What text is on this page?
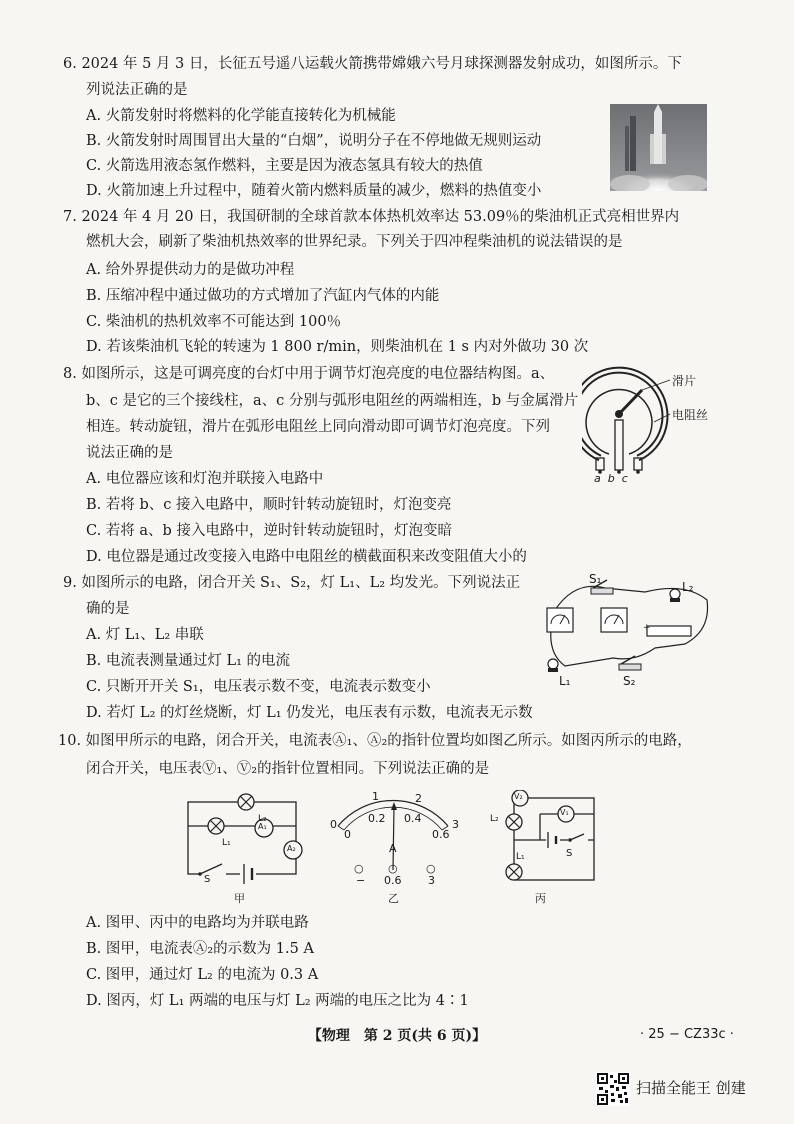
6. 2024 年 5 月 3 日，长征五号遥八运载火箭携带嫦娥六号月球探测器发射成功，如图所示。下
列说法正确的是
A. 火箭发射时将燃料的化学能直接转化为机械能
B. 火箭发射时周围冒出大量的“白烟”，说明分子在不停地做无规则运动
C. 火箭选用液态氢作燃料，主要是因为液态氢具有较大的热值
D. 火箭加速上升过程中，随着火箭内燃料质量的减少，燃料的热值变小
7. 2024 年 4 月 20 日，我国研制的全球首款本体热机效率达 53.09％的柴油机正式亮相世界内
燃机大会，刷新了柴油机热效率的世界纪录。下列关于四冲程柴油机的说法错误的是
A. 给外界提供动力的是做功冲程
B. 压缩冲程中通过做功的方式增加了汽缸内气体的内能
C. 柴油机的热机效率不可能达到 100％
D. 若该柴油机飞轮的转速为 1 800 r/min，则柴油机在 1 s 内对外做功 30 次
8. 如图所示，这是可调亮度的台灯中用于调节灯泡亮度的电位器结构图。a、
b、c 是它的三个接线柱，a、c 分别与弧形电阻丝的两端相连，b 与金属滑片
相连。转动旋钮，滑片在弧形电阻丝上同向滑动即可调节灯泡亮度。下列
说法正确的是
A. 电位器应该和灯泡并联接入电路中
B. 若将 b、c 接入电路中，顺时针转动旋钮时，灯泡变亮
C. 若将 a、b 接入电路中，逆时针转动旋钮时，灯泡变暗
D. 电位器是通过改变接入电路中电阻丝的横截面积来改变阻值大小的
滑片
电阻丝
a  b  c
9. 如图所示的电路，闭合开关 S₁、S₂，灯 L₁、L₂ 均发光。下列说法正
确的是
A. 灯 L₁、L₂ 串联
B. 电流表测量通过灯 L₁ 的电流
C. 只断开开关 S₁，电压表示数不变，电流表示数变小
D. 若灯 L₂ 的灯丝烧断，灯 L₁ 仍发光，电压表有示数，电流表无示数
+
S₁
L₂
L₁	S₂
10. 如图甲所示的电路，闭合开关，电流表Ⓐ₁、Ⓐ₂的指针位置均如图乙所示。如图丙所示的电路，
闭合开关，电压表Ⓥ₁、Ⓥ₂的指针位置相同。下列说法正确的是
L₂
L₁
A₁
A₂
S
甲
1	2
0	3
0.2 0.4
0	0.6
A
○ ○	○
− 0.6 3
乙
V₂
V₁
L₂
L₁	S
丙
A. 图甲、丙中的电路均为并联电路
B. 图甲，电流表Ⓐ₂的示数为 1.5 A
C. 图甲，通过灯 L₂ 的电流为 0.3 A
D. 图丙，灯 L₁ 两端的电压与灯 L₂ 两端的电压之比为 4∶1
【物理　第 2 页(共 6 页)】	· 25 − CZ33c ·
扫描全能王 创建
